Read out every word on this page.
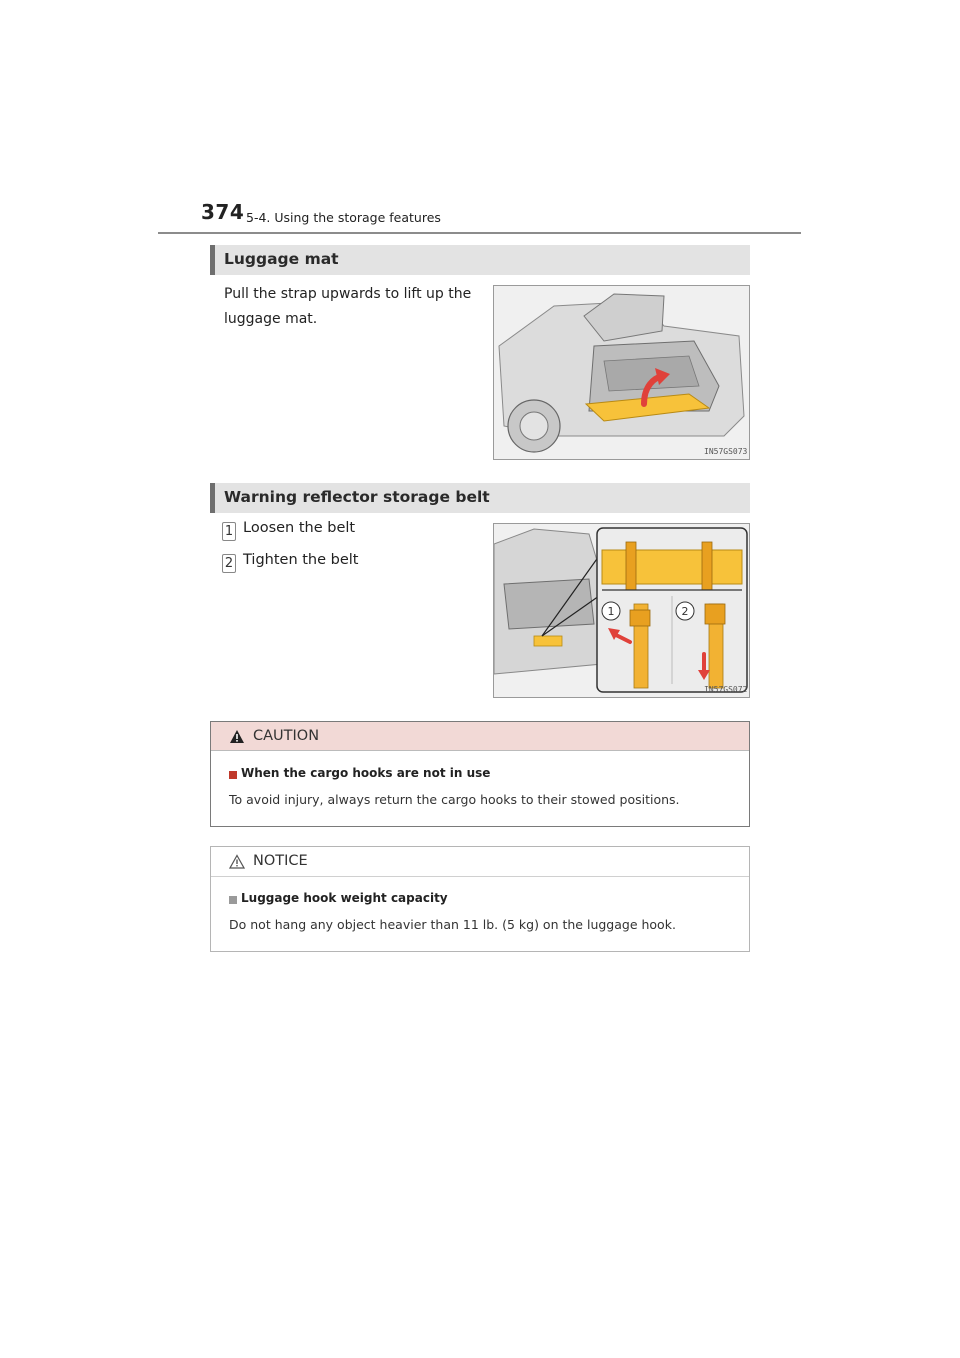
374 5-4. Using the storage features
Luggage mat
Pull the strap upwards to lift up the
luggage mat.
IN57GS073
Warning reflector storage belt
1 Loosen the belt
2 Tighten the belt
1	2
IN57GS072
CAUTION
When the cargo hooks are not in use
To avoid injury, always return the cargo hooks to their stowed positions.
NOTICE
Luggage hook weight capacity
Do not hang any object heavier than 11 lb. (5 kg) on the luggage hook.
